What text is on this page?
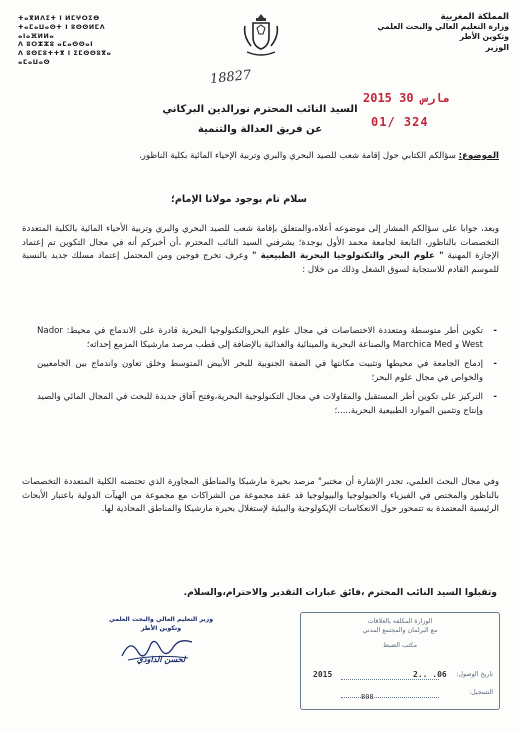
المملكة المغربية
وزارة التعليم العالي والبحث العلمي
وتكوين الأطر
الوزير
ⵜⴰⴳⵍⴷⵉⵜ ⵏ ⵍⵎⵖⵔⵉⴱ
ⵜⴰⵎⴰⵡⴰⵙⵜ ⵏ ⵓⵙⵙⵍⵎⴷ ⴰⵏⴰⴼⵍⵍⴰ
ⴷ ⵓⵔⵣⵣⵓ ⴰⵎⴰⵙⵙⴰⵏ
ⴷ ⵓⵙⵎⵓⵜⵜⴳ ⵏ ⵉⵎⵙⵙⵓⴳⴰ
ⴰⵎⴰⵡⴰⵙ
18827
2015 ﻣﺎﺭﺱ 30
01/ 324
السيد النائب المحترم نورالدين البركاني
عن فريق العدالة والتنمية
الموضوع: سؤالكم الكتابي حول إقامة شعب للصيد البحري والبري وتربية الإحياء المائية بكلية الناظور.
سلام تام بوجود مولانا الإمام؛
وبعد، جوابا على سؤالكم المشار إلى موضوعه أعلاه،والمتعلق بإقامة شعب للصيد البحري والبري وتربية الأحياء المائية بالكلية المتعددة التخصصات بالناظور، التابعة لجامعة محمد الأول بوجدة؛ يشرفني السيد النائب المحترم ،أن أخبركم أنه في مجال التكوين تم إعتماد الإجازة المهنية " علوم البحر والتكنولوجيا البحرية الطبيعية " وعرف تخرج فوجين ومن المحتمل إعتماد مسلك جديد بالنسبة للموسم القادم للاستجابة لسوق الشغل وذلك من خلال :
- تكوين أطر متوسطة ومتعددة الاختصاصات في مجال علوم البحروالتكنولوجيا البحرية قادرة على الاندماج في محيط: Nador West و Marchica Med والصناعة البحرية والمينائية والغذائية بالإضافة إلى قطب مرصد مارشيكا المزمع إحداثه؛
- إدماج الجامعة في محيطها وتثبيت مكانتها في الضفة الجنوبية للبحر الأبيض المتوسط وخلق تعاون واندماج بين الجامعيين والخواص في مجال علوم البحر؛
- التركيز على تكوين أطر المستقبل والمقاولات في مجال التكنولوجية البحرية،وفتح آفاق جديدة للبحث في المجال المائي والصيد وإنتاج وتثمين الموارد الطبيعية البحرية.....؛
وفي مجال البحث العلمي، تجدر الإشارة أن مختبر" مرصد بحيرة مارشيكا والمناطق المجاورة الذي تحتضنه الكلية المتعددة التخصصات بالناظور والمختص في الفيزياء والجيولوجيا والبيولوجيا قد عقد مجموعة من الشراكات مع مجموعة من الهيآت الدولية باعتبار الأبحاث الرئيسية المعتمدة به تتمحور حول الانعكاسات الإيكولوجية والبيئية لإستغلال بحيرة مارشيكا والمناطق المحاذية لها.
وتقبلوا السيد النائب المحترم ،فائق عبارات التقدير والاحترام،والسلام.
وزير التعليم العالي والبحث العلمي
وتكوين الأطر
لحسن الداودي
الوزارة المكلفة بالعلاقات
مع البرلمان والمجتمع المدني
مكتب الضبط
تاريخ الوصول:
التسجيل:
2015	06. ..2
808
